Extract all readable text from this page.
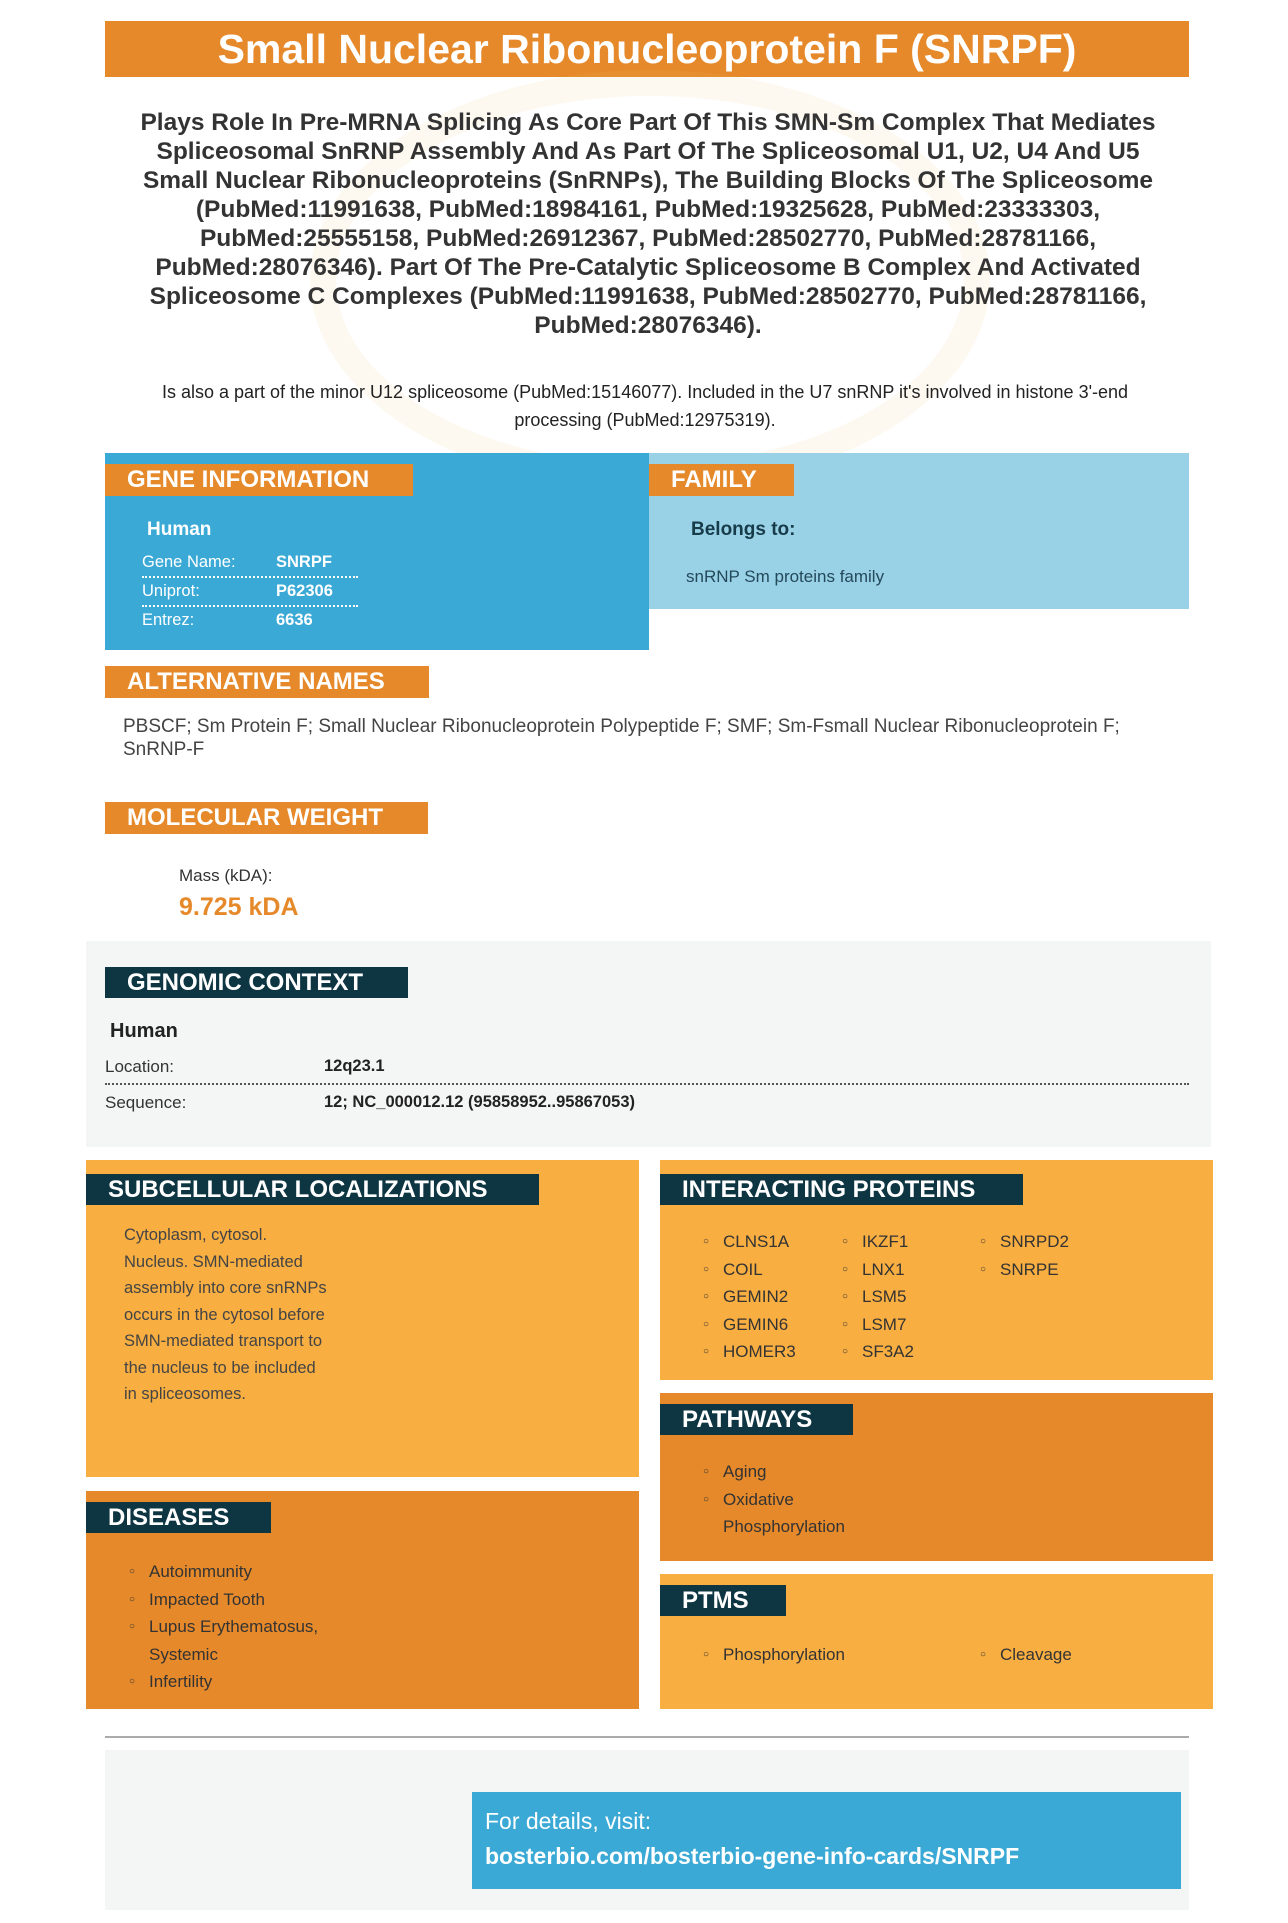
Small Nuclear Ribonucleoprotein F (SNRPF)
Plays Role In Pre-MRNA Splicing As Core Part Of This SMN-Sm Complex That Mediates Spliceosomal SnRNP Assembly And As Part Of The Spliceosomal U1, U2, U4 And U5 Small Nuclear Ribonucleoproteins (SnRNPs), The Building Blocks Of The Spliceosome (PubMed:11991638, PubMed:18984161, PubMed:19325628, PubMed:23333303, PubMed:25555158, PubMed:26912367, PubMed:28502770, PubMed:28781166, PubMed:28076346). Part Of The Pre-Catalytic Spliceosome B Complex And Activated Spliceosome C Complexes (PubMed:11991638, PubMed:28502770, PubMed:28781166, PubMed:28076346).
Is also a part of the minor U12 spliceosome (PubMed:15146077). Included in the U7 snRNP it's involved in histone 3'-end processing (PubMed:12975319).
GENE INFORMATION
Human
Gene Name:	SNRPF
Uniprot:	P62306
Entrez:	6636
FAMILY
Belongs to:
snRNP Sm proteins family
ALTERNATIVE NAMES
PBSCF; Sm Protein F; Small Nuclear Ribonucleoprotein Polypeptide F; SMF; Sm-Fsmall Nuclear Ribonucleoprotein F; SnRNP-F
MOLECULAR WEIGHT
Mass (kDA):
9.725 kDA
GENOMIC CONTEXT
Human
Location:	12q23.1
Sequence:	12; NC_000012.12 (95858952..95867053)
SUBCELLULAR LOCALIZATIONS
Cytoplasm, cytosol. Nucleus. SMN-mediated assembly into core snRNPs occurs in the cytosol before SMN-mediated transport to the nucleus to be included in spliceosomes.
DISEASES
○ Autoimmunity
○ Impacted Tooth
○ Lupus Erythematosus, Systemic
○ Infertility
INTERACTING PROTEINS
○ CLNS1A
○ COIL
○ GEMIN2
○ GEMIN6
○ HOMER3
○ IKZF1
○ LNX1
○ LSM5
○ LSM7
○ SF3A2
○ SNRPD2
○ SNRPE
PATHWAYS
○ Aging
○ Oxidative Phosphorylation
PTMS
○ Phosphorylation
○	Cleavage
For details, visit:
bosterbio.com/bosterbio-gene-info-cards/SNRPF
